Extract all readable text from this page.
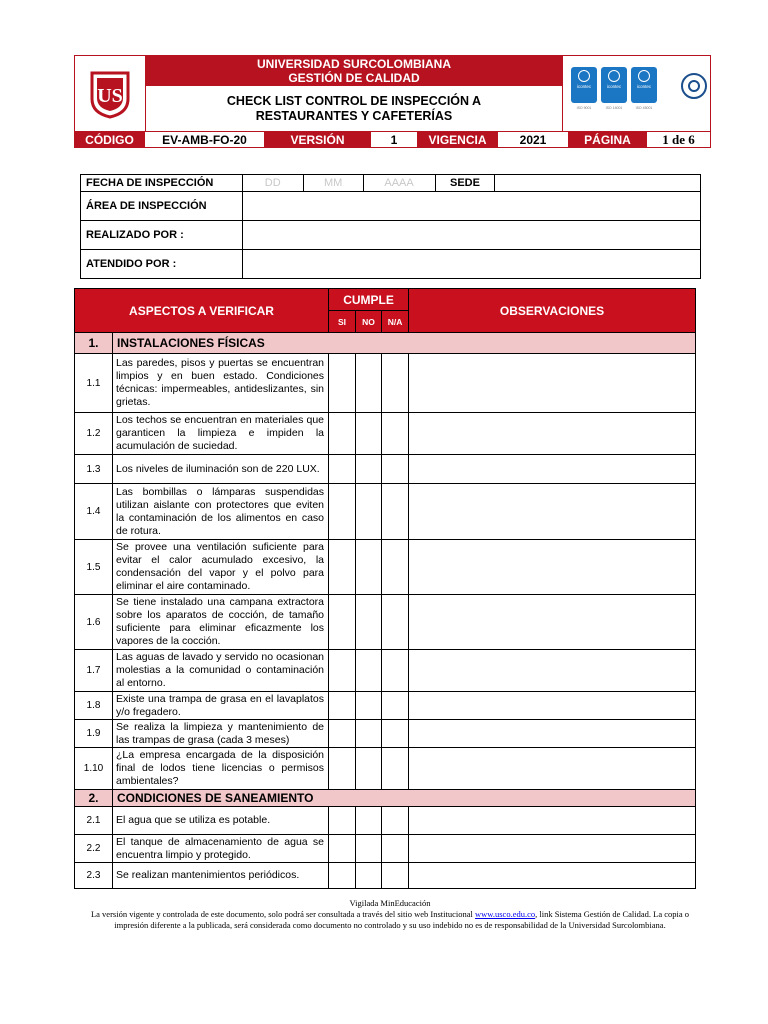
US
UNIVERSIDAD SURCOLOMBIANA
GESTIÓN DE CALIDAD
CHECK LIST CONTROL DE INSPECCIÓN A RESTAURANTES Y CAFETERÍAS
icontec	icontec	icontec
ISO 9001	ISO 14001	ISO 45001
CÓDIGO	EV-AMB-FO-20	VERSIÓN	1	VIGENCIA	2021	PÁGINA	1 de 6
FECHA DE INSPECCIÓN	DD	MM	AAAA	SEDE	
ÁREA DE INSPECCIÓN					
REALIZADO POR :					
ATENDIDO POR :					
ASPECTOS A VERIFICAR		CUMPLE			OBSERVACIONES
		SI	NO	N/A	
1.	INSTALACIONES FÍSICAS				
1.1	Las paredes, pisos y puertas se encuentran limpios y en buen estado. Condiciones técnicas: impermeables, antideslizantes, sin grietas.				
1.2	Los techos se encuentran en materiales que garanticen la limpieza e impiden la acumulación de suciedad.				
1.3	Los niveles de iluminación son de 220 LUX.				
1.4	Las bombillas o lámparas suspendidas utilizan aislante con protectores que eviten la contaminación de los alimentos en caso de rotura.				
1.5	Se provee una ventilación suficiente para evitar el calor acumulado excesivo, la condensación del vapor y el polvo para eliminar el aire contaminado.				
1.6	Se tiene instalado una campana extractora sobre los aparatos de cocción, de tamaño suficiente para eliminar eficazmente los vapores de la cocción.				
1.7	Las aguas de lavado y servido no ocasionan molestias a la comunidad o contaminación al entorno.				
1.8	Existe una trampa de grasa en el lavaplatos y/o fregadero.				
1.9	Se realiza la limpieza y mantenimiento de las trampas de grasa (cada 3 meses)				
1.10	¿La empresa encargada de la disposición final de lodos tiene licencias o permisos ambientales?				
2.	CONDICIONES DE SANEAMIENTO				
2.1	El agua que se utiliza es potable.				
2.2	El tanque de almacenamiento de agua se encuentra limpio y protegido.				
2.3	Se realizan mantenimientos periódicos.				
Vigilada MinEducación
La versión vigente y controlada de este documento, solo podrá ser consultada a través del sitio web Institucional www.usco.edu.co, link Sistema Gestión de Calidad. La copia o impresión diferente a la publicada, será considerada como documento no controlado y su uso indebido no es de responsabilidad de la Universidad Surcolombiana.
